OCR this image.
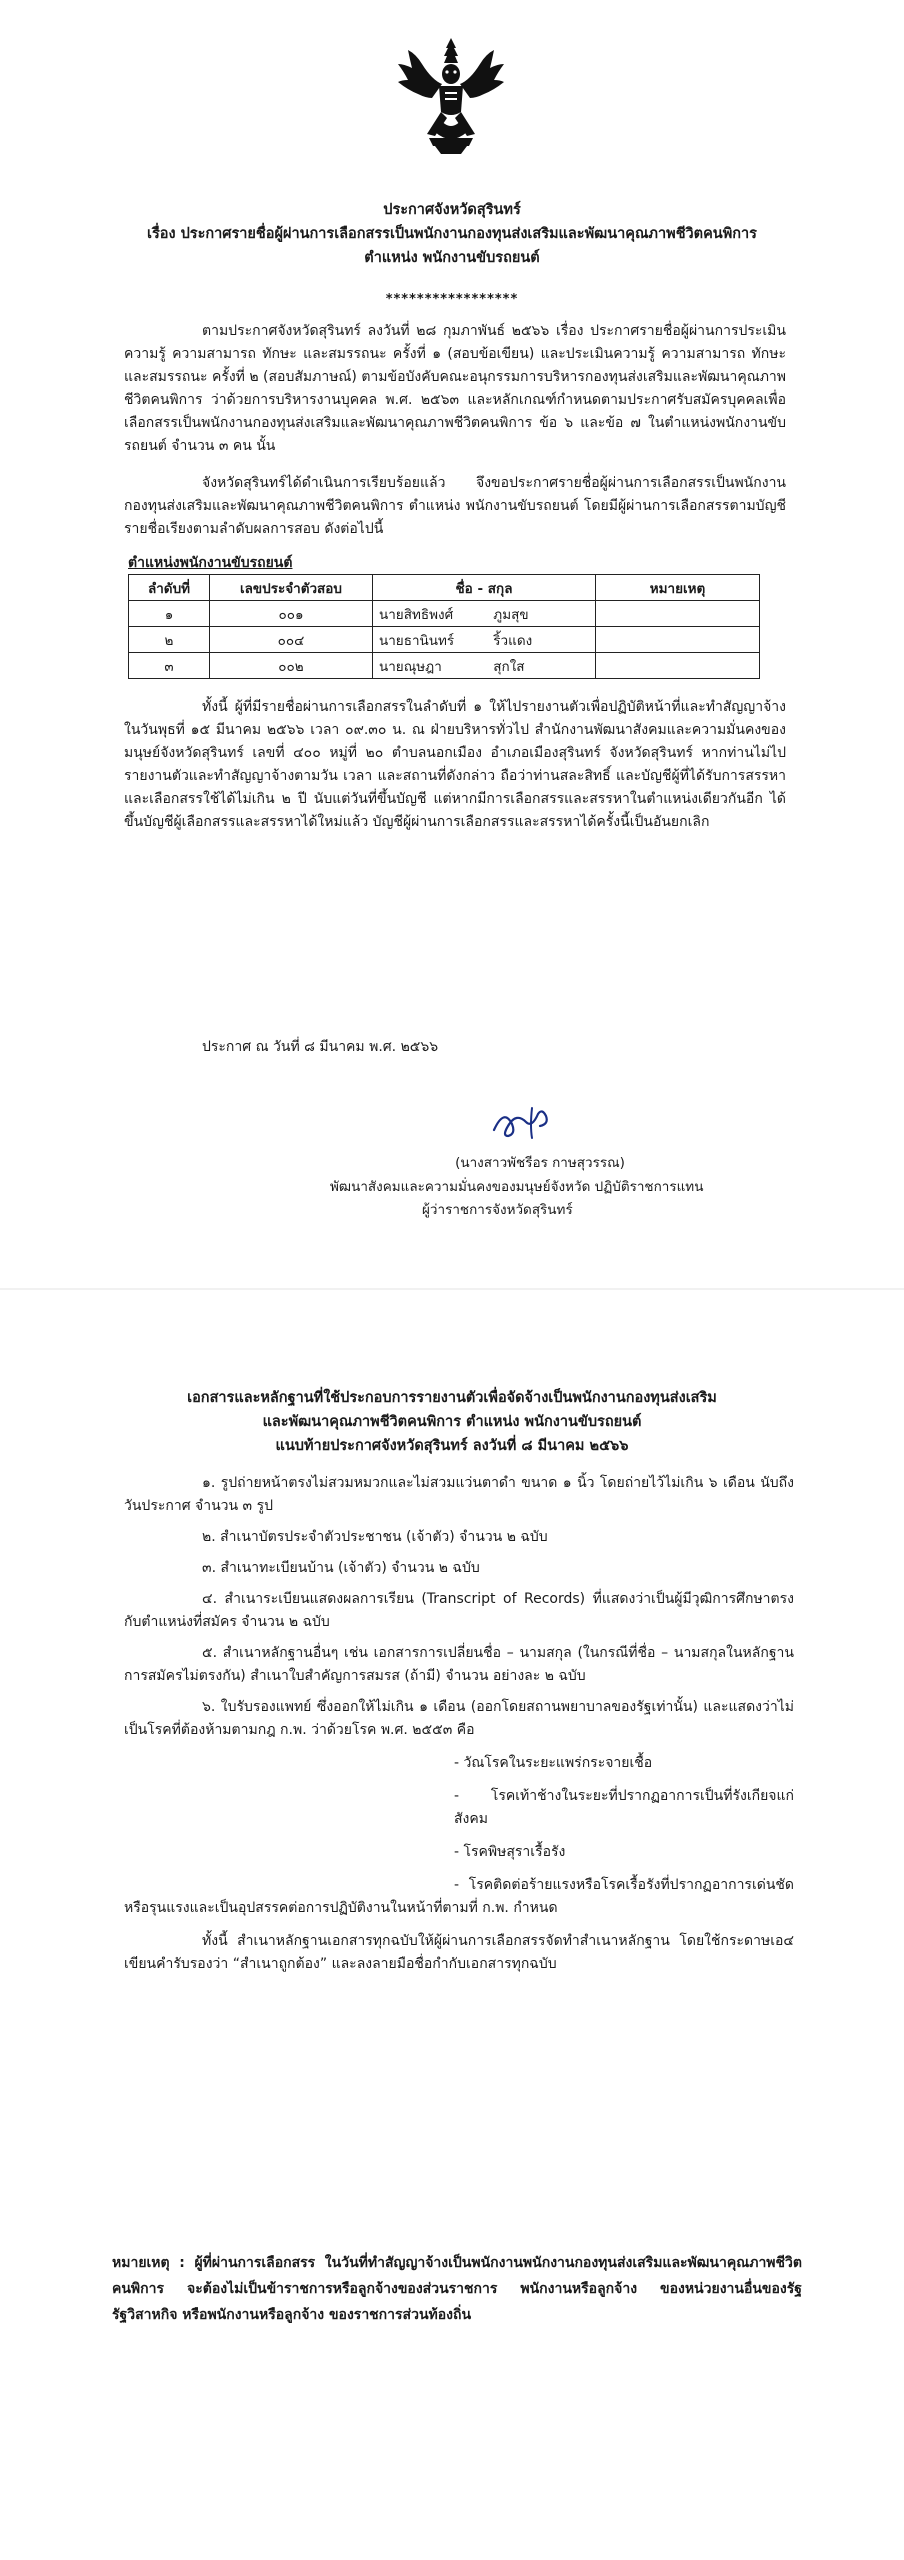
ประกาศจังหวัดสุรินทร์

เรื่อง ประกาศรายชื่อผู้ผ่านการเลือกสรรเป็นพนักงานกองทุนส่งเสริมและพัฒนาคุณภาพชีวิตคนพิการ

ตำแหน่ง พนักงานขับรถยนต์

*****************

ตามประกาศจังหวัดสุรินทร์ ลงวันที่ ๒๘ กุมภาพันธ์ ๒๕๖๖ เรื่อง ประกาศรายชื่อผู้ผ่านการประเมินความรู้ ความสามารถ ทักษะ และสมรรถนะ ครั้งที่ ๑ (สอบข้อเขียน) และประเมินความรู้ ความสามารถ ทักษะและสมรรถนะ ครั้งที่ ๒ (สอบสัมภาษณ์) ตามข้อบังคับคณะอนุกรรมการบริหารกองทุนส่งเสริมและพัฒนาคุณภาพชีวิตคนพิการ ว่าด้วยการบริหารงานบุคคล พ.ศ. ๒๕๖๓ และหลักเกณฑ์กำหนดตามประกาศรับสมัครบุคคลเพื่อเลือกสรรเป็นพนักงานกองทุนส่งเสริมและพัฒนาคุณภาพชีวิตคนพิการ ข้อ ๖ และข้อ ๗ ในตำแหน่งพนักงานขับรถยนต์ จำนวน ๓ คน นั้น

จังหวัดสุรินทร์ได้ดำเนินการเรียบร้อยแล้ว จึงขอประกาศรายชื่อผู้ผ่านการเลือกสรรเป็นพนักงานกองทุนส่งเสริมและพัฒนาคุณภาพชีวิตคนพิการ ตำแหน่ง พนักงานขับรถยนต์ โดยมีผู้ผ่านการเลือกสรรตามบัญชีรายชื่อเรียงตามลำดับผลการสอบ ดังต่อไปนี้

ตำแหน่งพนักงานขับรถยนต์

ลำดับที่	เลขประจำตัวสอบ	ชื่อ - สกุล	หมายเหตุ
๑	๐๐๑	นายสิทธิพงศ์ ภูมสุข	
๒	๐๐๔	นายธานินทร์ ริ้วแดง	
๓	๐๐๒	นายณุษฎา สุกใส	

ทั้งนี้ ผู้ที่มีรายชื่อผ่านการเลือกสรรในลำดับที่ ๑ ให้ไปรายงานตัวเพื่อปฏิบัติหน้าที่และทำสัญญาจ้าง ในวันพุธที่ ๑๕ มีนาคม ๒๕๖๖ เวลา ๐๙.๓๐ น. ณ ฝ่ายบริหารทั่วไป สำนักงานพัฒนาสังคมและความมั่นคงของมนุษย์จังหวัดสุรินทร์ เลขที่ ๔๐๐ หมู่ที่ ๒๐ ตำบลนอกเมือง อำเภอเมืองสุรินทร์ จังหวัดสุรินทร์ หากท่านไม่ไปรายงานตัวและทำสัญญาจ้างตามวัน เวลา และสถานที่ดังกล่าว ถือว่าท่านสละสิทธิ์ และบัญชีผู้ที่ได้รับการสรรหาและเลือกสรรใช้ได้ไม่เกิน ๒ ปี นับแต่วันที่ขึ้นบัญชี แต่หากมีการเลือกสรรและสรรหาในตำแหน่งเดียวกันอีก ได้ขึ้นบัญชีผู้เลือกสรรและสรรหาได้ใหม่แล้ว บัญชีผู้ผ่านการเลือกสรรและสรรหาได้ครั้งนี้เป็นอันยกเลิก

ประกาศ ณ วันที่ ๘ มีนาคม พ.ศ. ๒๕๖๖

(นางสาวพัชรีอร กาษสุวรรณ)

พัฒนาสังคมและความมั่นคงของมนุษย์จังหวัด ปฏิบัติราชการแทน

ผู้ว่าราชการจังหวัดสุรินทร์

เอกสารและหลักฐานที่ใช้ประกอบการรายงานตัวเพื่อจัดจ้างเป็นพนักงานกองทุนส่งเสริม

และพัฒนาคุณภาพชีวิตคนพิการ ตำแหน่ง พนักงานขับรถยนต์

แนบท้ายประกาศจังหวัดสุรินทร์ ลงวันที่ ๘ มีนาคม ๒๕๖๖

๑. รูปถ่ายหน้าตรงไม่สวมหมวกและไม่สวมแว่นตาดำ ขนาด ๑ นิ้ว โดยถ่ายไว้ไม่เกิน ๖ เดือน นับถึงวันประกาศ จำนวน ๓ รูป

๒. สำเนาบัตรประจำตัวประชาชน (เจ้าตัว) จำนวน ๒ ฉบับ

๓. สำเนาทะเบียนบ้าน (เจ้าตัว) จำนวน ๒ ฉบับ

๔. สำเนาระเบียนแสดงผลการเรียน (Transcript of Records) ที่แสดงว่าเป็นผู้มีวุฒิการศึกษาตรงกับตำแหน่งที่สมัคร จำนวน ๒ ฉบับ

๕. สำเนาหลักฐานอื่นๆ เช่น เอกสารการเปลี่ยนชื่อ – นามสกุล (ในกรณีที่ชื่อ – นามสกุลในหลักฐานการสมัครไม่ตรงกัน) สำเนาใบสำคัญการสมรส (ถ้ามี) จำนวน อย่างละ ๒ ฉบับ

๖. ใบรับรองแพทย์ ซึ่งออกให้ไม่เกิน ๑ เดือน (ออกโดยสถานพยาบาลของรัฐเท่านั้น) และแสดงว่าไม่เป็นโรคที่ต้องห้ามตามกฎ ก.พ. ว่าด้วยโรค พ.ศ. ๒๕๕๓ คือ

- วัณโรคในระยะแพร่กระจายเชื้อ

- โรคเท้าช้างในระยะที่ปรากฏอาการเป็นที่รังเกียจแก่สังคม

- โรคพิษสุราเรื้อรัง

- โรคติดต่อร้ายแรงหรือโรคเรื้อรังที่ปรากฏอาการเด่นชัดหรือรุนแรงและเป็นอุปสรรคต่อการปฏิบัติงานในหน้าที่ตามที่ ก.พ. กำหนด

ทั้งนี้ สำเนาหลักฐานเอกสารทุกฉบับให้ผู้ผ่านการเลือกสรรจัดทำสำเนาหลักฐาน โดยใช้กระดาษเอ๔ เขียนคำรับรองว่า “สำเนาถูกต้อง” และลงลายมือชื่อกำกับเอกสารทุกฉบับ

หมายเหตุ : ผู้ที่ผ่านการเลือกสรร ในวันที่ทำสัญญาจ้างเป็นพนักงานพนักงานกองทุนส่งเสริมและพัฒนาคุณภาพชีวิตคนพิการ จะต้องไม่เป็นข้าราชการหรือลูกจ้างของส่วนราชการ พนักงานหรือลูกจ้าง ของหน่วยงานอื่นของรัฐ รัฐวิสาหกิจ หรือพนักงานหรือลูกจ้าง ของราชการส่วนท้องถิ่น
